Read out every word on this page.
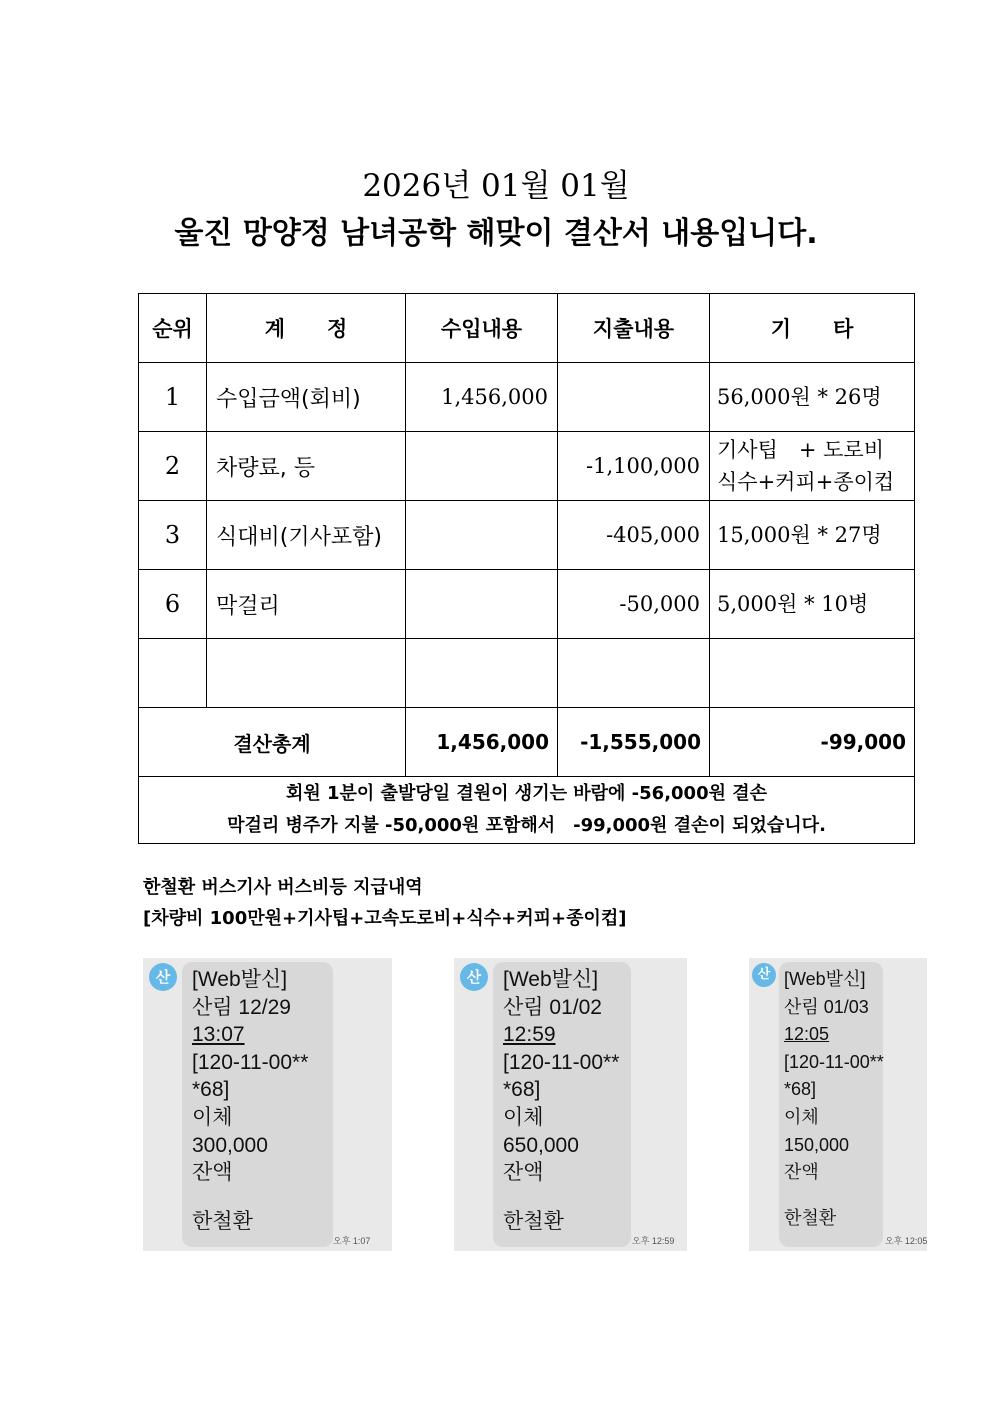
2026년 01월 01월
울진 망양정 남녀공학 해맞이 결산서 내용입니다.
순위	계　　정	수입내용	지출내용	기　　타
1	수입금액(회비)	1,456,000		56,000원 * 26명

2	차량료, 등		-1,100,000	기사팁　+ 도로비
식수+커피+종이컵

3	식대비(기사포함)		-405,000	15,000원 * 27명

6	막걸리		-50,000	5,000원 * 10병

결산총계		1,456,000	-1,555,000	-99,000

회원 1분이 출발당일 결원이 생기는 바람에 -56,000원 결손
막걸리 병주가 지불 -50,000원 포함해서　-99,000원 결손이 되었습니다.				
한철환 버스기사 버스비등 지급내역
[차량비 100만원+기사팁+고속도로비+식수+커피+종이컵]
산	[Web발신]
산림 12/29
13:07
[120-11-00**
*68]
이체
300,000
잔액
한철환
오후 1:07
산	[Web발신]
산림 01/02
12:59
[120-11-00**
*68]
이체
650,000
잔액
한철환
오후 12:59
산 [Web발신]
산림 01/03
12:05
[120-11-00**
*68]
이체
150,000
잔액
한철환
오후 12:05
